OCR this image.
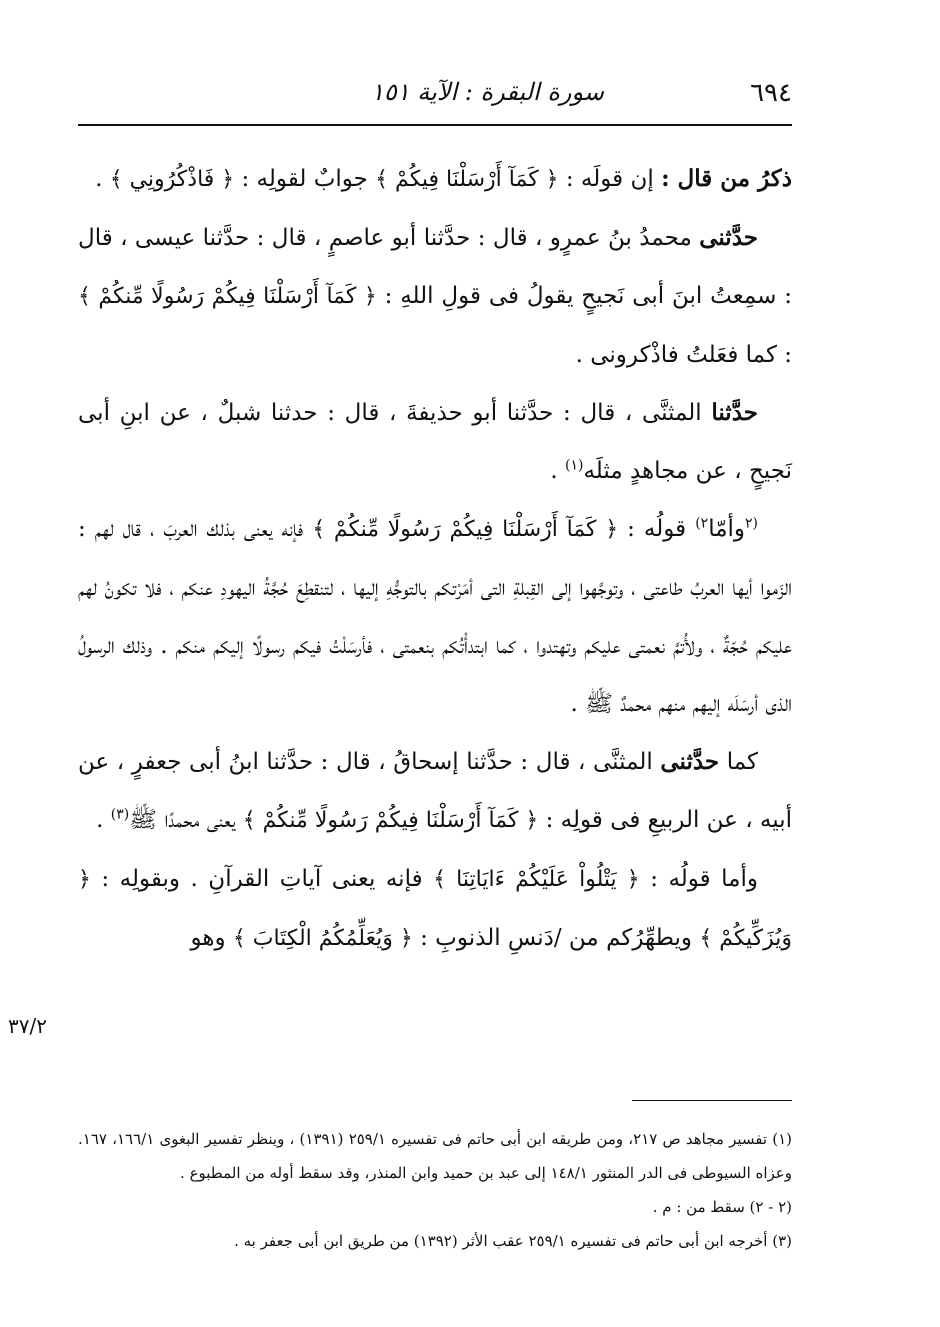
٦٩٤
سورة البقرة : الآية ١٥١
٣٧/٢

ذكرُ من قال : إن قولَه : ﴿ كَمَآ أَرْسَلْنَا فِيكُمْ ﴾ جوابٌ لقولِه : ﴿ فَاذْكُرُونِي ﴾ .

حدَّثنى محمدُ بنُ عمرٍو ، قال : حدَّثنا أبو عاصمٍ ، قال : حدَّثنا عيسى ، قال : سمِعتُ ابنَ أبى نَجيحٍ يقولُ فى قولِ اللهِ : ﴿ كَمَآ أَرْسَلْنَا فِيكُمْ رَسُولًا مِّنكُمْ ﴾ : كما فعَلتُ فاذْكرونى .

حدَّثنا المثنَّى ، قال : حدَّثنا أبو حذيفةَ ، قال : حدثنا شبلٌ ، عن ابنِ أبى نَجيحٍ ، عن مجاهدٍ مثلَه$^{(١)}$ .

$^{(٢}$وأمّا$^{٢)}$ قولُه : ﴿ كَمَآ أَرْسَلْنَا فِيكُمْ رَسُولًا مِّنكُمْ ﴾ فإنه يعنى بذلك العربَ ، قال لهم : الزَموا أيها العربُ طاعتى ، وتوجَّهوا إلى القِبلةِ التى أمَرْتكم بالتوجُّهِ إليها ، لتنقطِعَ حُجَّةُ اليهودِ عنكم ، فلا تكونُ لهم عليكم حُجّةٌ ، ولأُتمَّ نعمتى عليكم وتهتدوا ، كما ابتدأْتُكم بنعمتى ، فأرسَلْتُ فيكم رسولًا إليكم منكم . وذلك الرسولُ الذى أرسَلَه إليهم منهم محمدٌ ﷺ .

كما حدَّثنى المثنَّى ، قال : حدَّثنا إسحاقُ ، قال : حدَّثنا ابنُ أبى جعفرٍ ، عن أبيه ، عن الربيعِ فى قولِه : ﴿ كَمَآ أَرْسَلْنَا فِيكُمْ رَسُولًا مِّنكُمْ ﴾ يعنى محمدًا ﷺ$^{(٣)}$ .

وأما قولُه : ﴿ يَتْلُواْ عَلَيْكُمْ ءَايَاتِنَا ﴾ فإنه يعنى آياتِ القرآنِ . وبقولِه : ﴿ وَيُزَكِّيكُمْ ﴾ ويطهِّرُكم من /دَنسِ الذنوبِ : ﴿ وَيُعَلِّمُكُمُ الْكِتَابَ ﴾ وهو

(١) تفسير مجاهد ص ٢١٧، ومن طريقه ابن أبى حاتم فى تفسيره ٢٥٩/١ (١٣٩١) ، وينظر تفسير البغوى ١٦٦/١، ١٦٧. وعزاه السيوطى فى الدر المنثور ١٤٨/١ إلى عبد بن حميد وابن المنذر، وقد سقط أوله من المطبوع .

(٢ - ٢) سقط من : م .

(٣) أخرجه ابن أبى حاتم فى تفسيره ٢٥٩/١ عقب الأثر (١٣٩٢) من طريق ابن أبى جعفر به .
